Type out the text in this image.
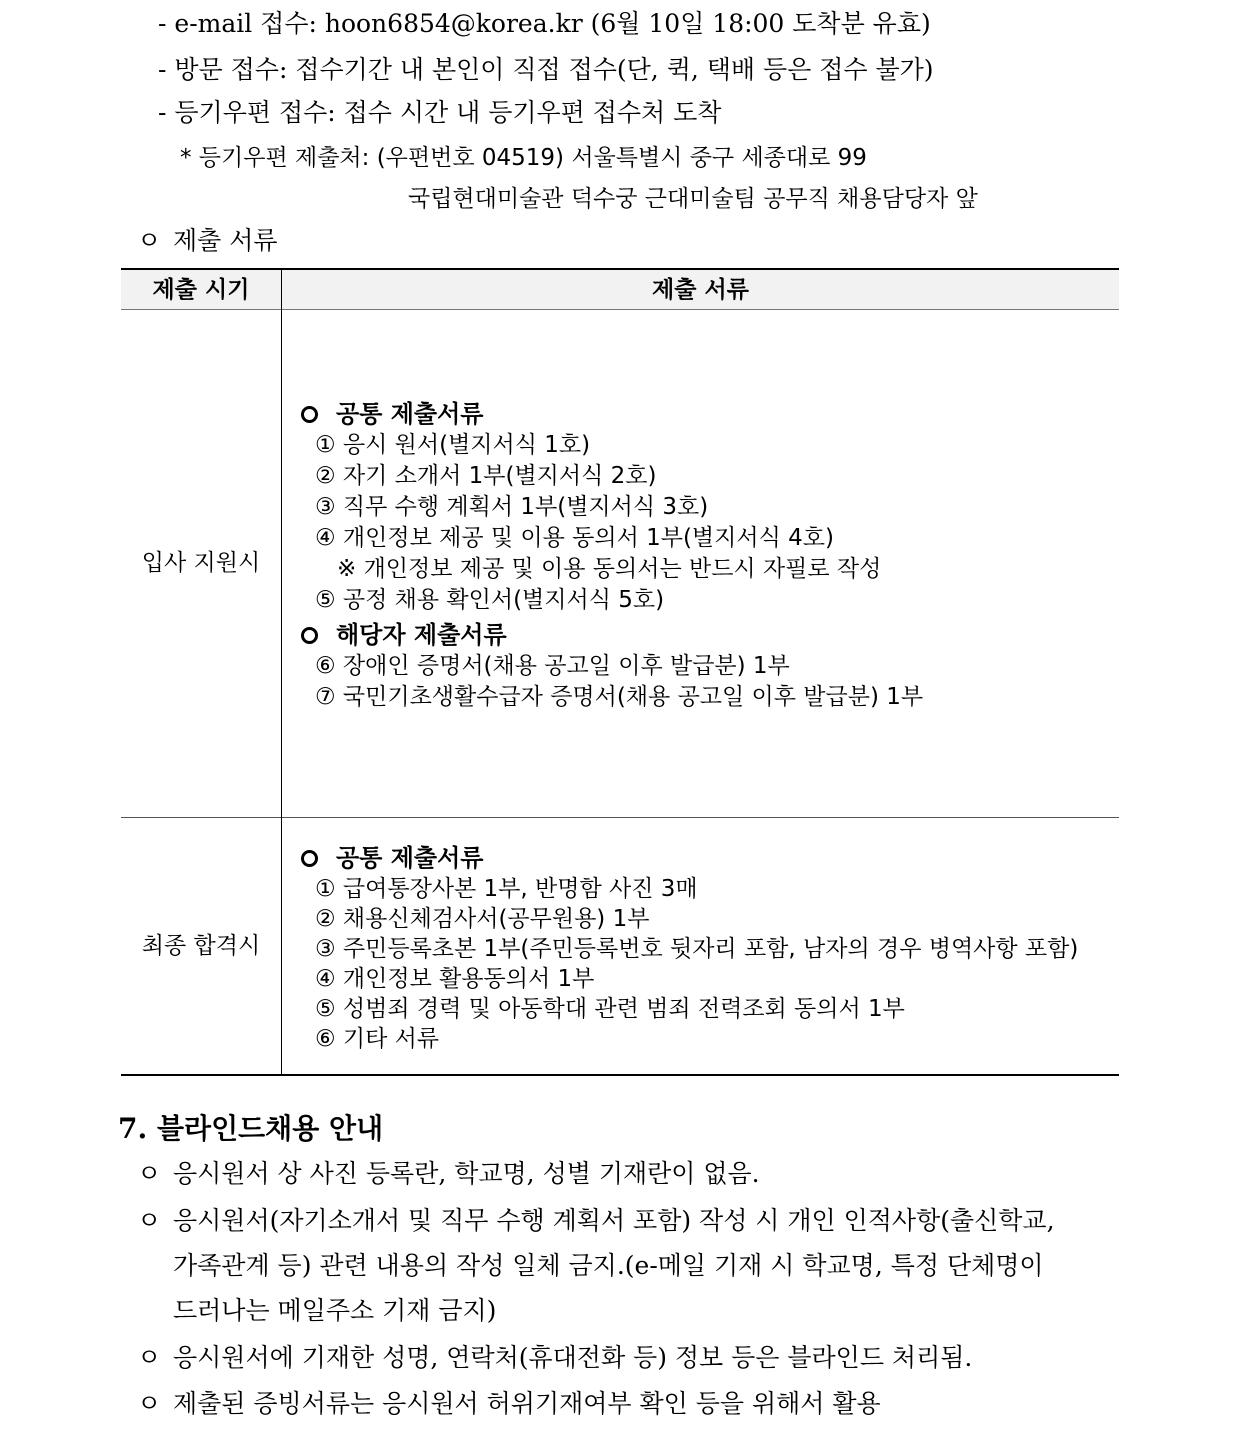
- e-mail 접수: hoon6854@korea.kr (6월 10일 18:00 도착분 유효)
- 방문 접수: 접수기간 내 본인이 직접 접수(단, 퀵, 택배 등은 접수 불가)
- 등기우편 접수: 접수 시간 내 등기우편 접수처 도착
* 등기우편 제출처: (우편번호 04519) 서울특별시 중구 세종대로 99
국립현대미술관 덕수궁 근대미술팀 공무직 채용담당자 앞
ㅇ 제출 서류
제출 시기	제출 서류
입사 지원시
공통 제출서류
① 응시 원서(별지서식 1호)
② 자기 소개서 1부(별지서식 2호)
③ 직무 수행 계획서 1부(별지서식 3호)
④ 개인정보 제공 및 이용 동의서 1부(별지서식 4호)
※ 개인정보 제공 및 이용 동의서는 반드시 자필로 작성
⑤ 공정 채용 확인서(별지서식 5호)
해당자 제출서류
⑥ 장애인 증명서(채용 공고일 이후 발급분) 1부
⑦ 국민기초생활수급자 증명서(채용 공고일 이후 발급분) 1부
최종 합격시
공통 제출서류
① 급여통장사본 1부, 반명함 사진 3매
② 채용신체검사서(공무원용) 1부
③ 주민등록초본 1부(주민등록번호 뒷자리 포함, 남자의 경우 병역사항 포함)
④ 개인정보 활용동의서 1부
⑤ 성범죄 경력 및 아동학대 관련 범죄 전력조회 동의서 1부
⑥ 기타 서류
7. 블라인드채용 안내
ㅇ 응시원서 상 사진 등록란, 학교명, 성별 기재란이 없음.
ㅇ 응시원서(자기소개서 및 직무 수행 계획서 포함) 작성 시 개인 인적사항(출신학교,
가족관계 등) 관련 내용의 작성 일체 금지.(e-메일 기재 시 학교명, 특정 단체명이
드러나는 메일주소 기재 금지)
ㅇ 응시원서에 기재한 성명, 연락처(휴대전화 등) 정보 등은 블라인드 처리됨.
ㅇ 제출된 증빙서류는 응시원서 허위기재여부 확인 등을 위해서 활용
